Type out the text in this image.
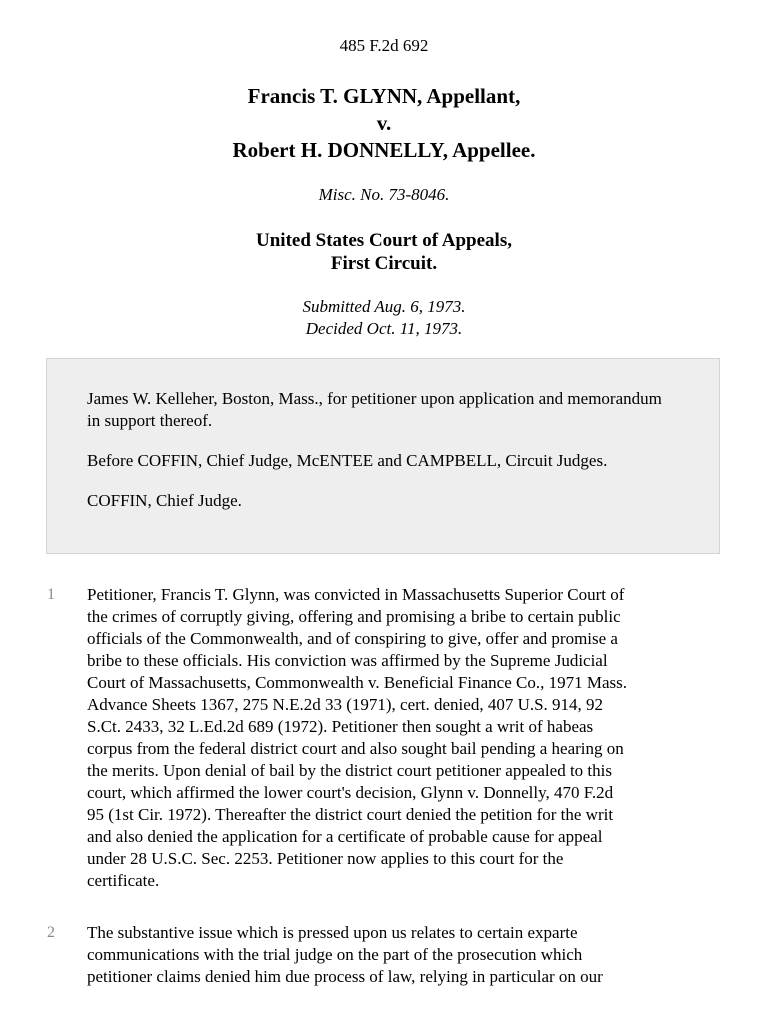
485 F.2d 692
Francis T. GLYNN, Appellant,
v.
Robert H. DONNELLY, Appellee.
Misc. No. 73-8046.
United States Court of Appeals,
First Circuit.
Submitted Aug. 6, 1973.
Decided Oct. 11, 1973.

James W. Kelleher, Boston, Mass., for petitioner upon application and memorandum in support thereof.

Before COFFIN, Chief Judge, McENTEE and CAMPBELL, Circuit Judges.

COFFIN, Chief Judge.

1 Petitioner, Francis T. Glynn, was convicted in Massachusetts Superior Court of
the crimes of corruptly giving, offering and promising a bribe to certain public
officials of the Commonwealth, and of conspiring to give, offer and promise a
bribe to these officials. His conviction was affirmed by the Supreme Judicial
Court of Massachusetts, Commonwealth v. Beneficial Finance Co., 1971 Mass.
Advance Sheets 1367, 275 N.E.2d 33 (1971), cert. denied, 407 U.S. 914, 92
S.Ct. 2433, 32 L.Ed.2d 689 (1972). Petitioner then sought a writ of habeas
corpus from the federal district court and also sought bail pending a hearing on
the merits. Upon denial of bail by the district court petitioner appealed to this
court, which affirmed the lower court's decision, Glynn v. Donnelly, 470 F.2d
95 (1st Cir. 1972). Thereafter the district court denied the petition for the writ
and also denied the application for a certificate of probable cause for appeal
under 28 U.S.C. Sec. 2253. Petitioner now applies to this court for the
certificate.

2 The substantive issue which is pressed upon us relates to certain exparte
communications with the trial judge on the part of the prosecution which
petitioner claims denied him due process of law, relying in particular on our
